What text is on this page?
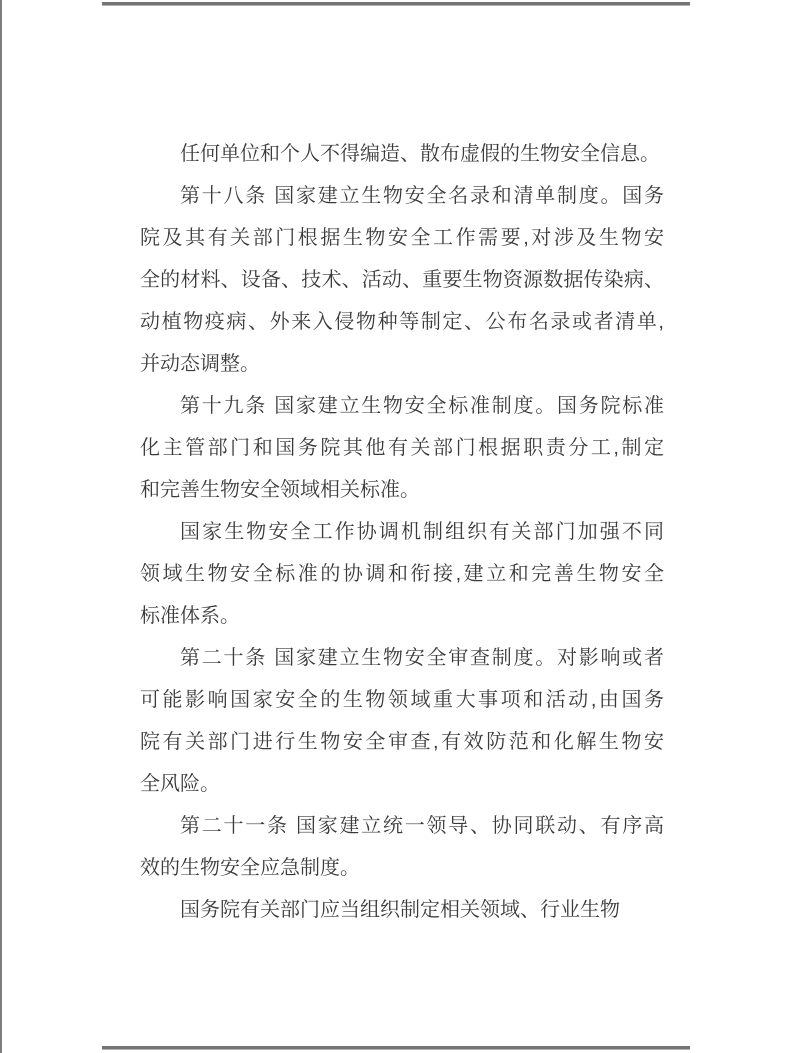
任何单位和个人不得编造、散布虚假的生物安全信息。
第十八条 国家建立生物安全名录和清单制度。国务
院及其有关部门根据生物安全工作需要,对涉及生物安
全的材料、设备、技术、活动、重要生物资源数据传染病、
动植物疫病、外来入侵物种等制定、公布名录或者清单,
并动态调整。
第十九条 国家建立生物安全标准制度。国务院标准
化主管部门和国务院其他有关部门根据职责分工,制定
和完善生物安全领域相关标准。
国家生物安全工作协调机制组织有关部门加强不同
领域生物安全标准的协调和衔接,建立和完善生物安全
标准体系。
第二十条 国家建立生物安全审查制度。对影响或者
可能影响国家安全的生物领域重大事项和活动,由国务
院有关部门进行生物安全审查,有效防范和化解生物安
全风险。
第二十一条 国家建立统一领导、协同联动、有序高
效的生物安全应急制度。
国务院有关部门应当组织制定相关领域、行业生物
